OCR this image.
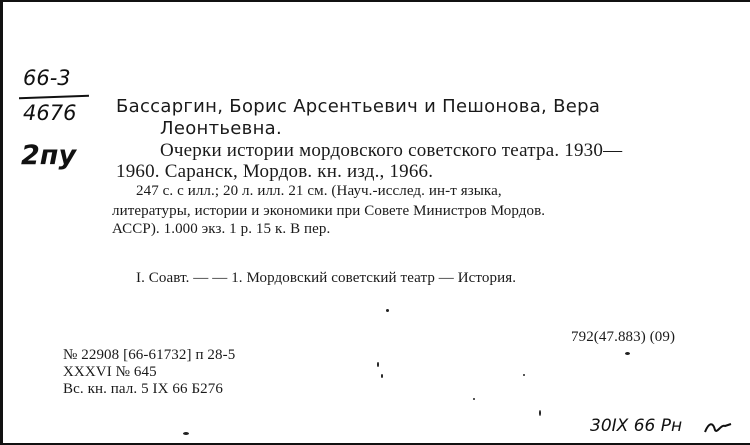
66-3
4676
2пу
Бассаргин, Борис Арсентьевич и Пешонова, Вера
Леонтьевна.
Очерки истории мордовского советского театра. 1930—
1960. Саранск, Мордов. кн. изд., 1966.
247 с. с илл.; 20 л. илл. 21 см. (Науч.-исслед. ин-т языка,
литературы, истории и экономики при Совете Министров Мордов.
АССР). 1.000 экз. 1 р. 15 к. В пер.
I. Соавт. — — 1. Мордовский советский театр — История.
792(47.883) (09)
№ 22908 [66-61732] п 28-5
XXXVI № 645
Вс. кн. пал. 5 IX 66 Б276
30IX 66 Pн
